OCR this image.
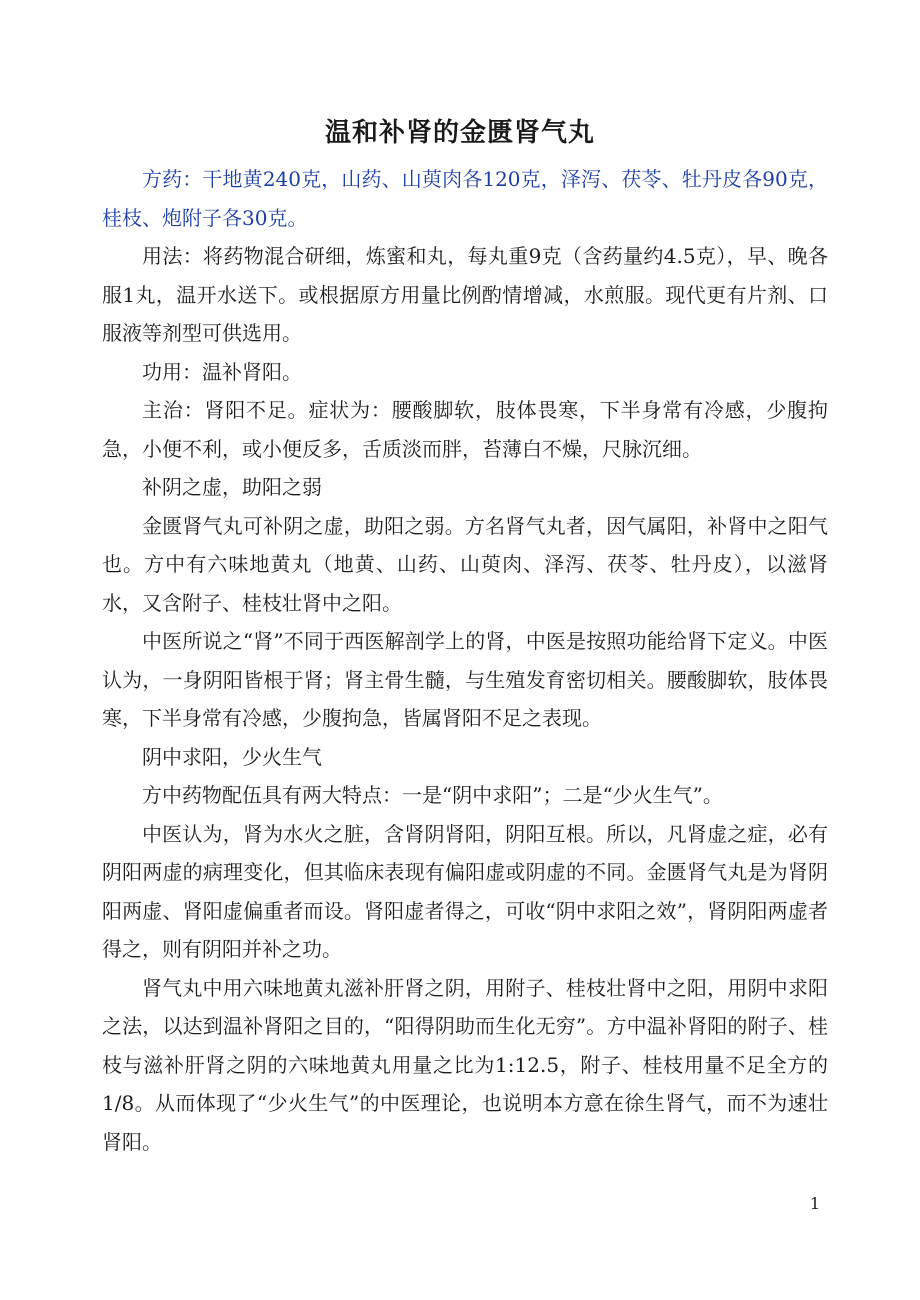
温和补肾的金匮肾气丸

方药：干地黄240克，山药、山萸肉各120克，泽泻、茯苓、牡丹皮各90克，桂枝、炮附子各30克。

用法：将药物混合研细，炼蜜和丸，每丸重9克（含药量约4.5克），早、晚各服1丸，温开水送下。或根据原方用量比例酌情增减，水煎服。现代更有片剂、口服液等剂型可供选用。

功用：温补肾阳。

主治：肾阳不足。症状为：腰酸脚软，肢体畏寒，下半身常有冷感，少腹拘急，小便不利，或小便反多，舌质淡而胖，苔薄白不燥，尺脉沉细。

补阴之虚，助阳之弱

金匮肾气丸可补阴之虚，助阳之弱。方名肾气丸者，因气属阳，补肾中之阳气也。方中有六味地黄丸（地黄、山药、山萸肉、泽泻、茯苓、牡丹皮），以滋肾水，又含附子、桂枝壮肾中之阳。

中医所说之“肾”不同于西医解剖学上的肾，中医是按照功能给肾下定义。中医认为，一身阴阳皆根于肾；肾主骨生髓，与生殖发育密切相关。腰酸脚软，肢体畏寒，下半身常有冷感，少腹拘急，皆属肾阳不足之表现。

阴中求阳，少火生气

方中药物配伍具有两大特点：一是“阴中求阳”；二是“少火生气”。

中医认为，肾为水火之脏，含肾阴肾阳，阴阳互根。所以，凡肾虚之症，必有阴阳两虚的病理变化，但其临床表现有偏阳虚或阴虚的不同。金匮肾气丸是为肾阴阳两虚、肾阳虚偏重者而设。肾阳虚者得之，可收“阴中求阳之效”，肾阴阳两虚者得之，则有阴阳并补之功。

肾气丸中用六味地黄丸滋补肝肾之阴，用附子、桂枝壮肾中之阳，用阴中求阳之法，以达到温补肾阳之目的，“阳得阴助而生化无穷”。方中温补肾阳的附子、桂枝与滋补肝肾之阴的六味地黄丸用量之比为1:12.5，附子、桂枝用量不足全方的1/8。从而体现了“少火生气”的中医理论，也说明本方意在徐生肾气，而不为速壮肾阳。

1
